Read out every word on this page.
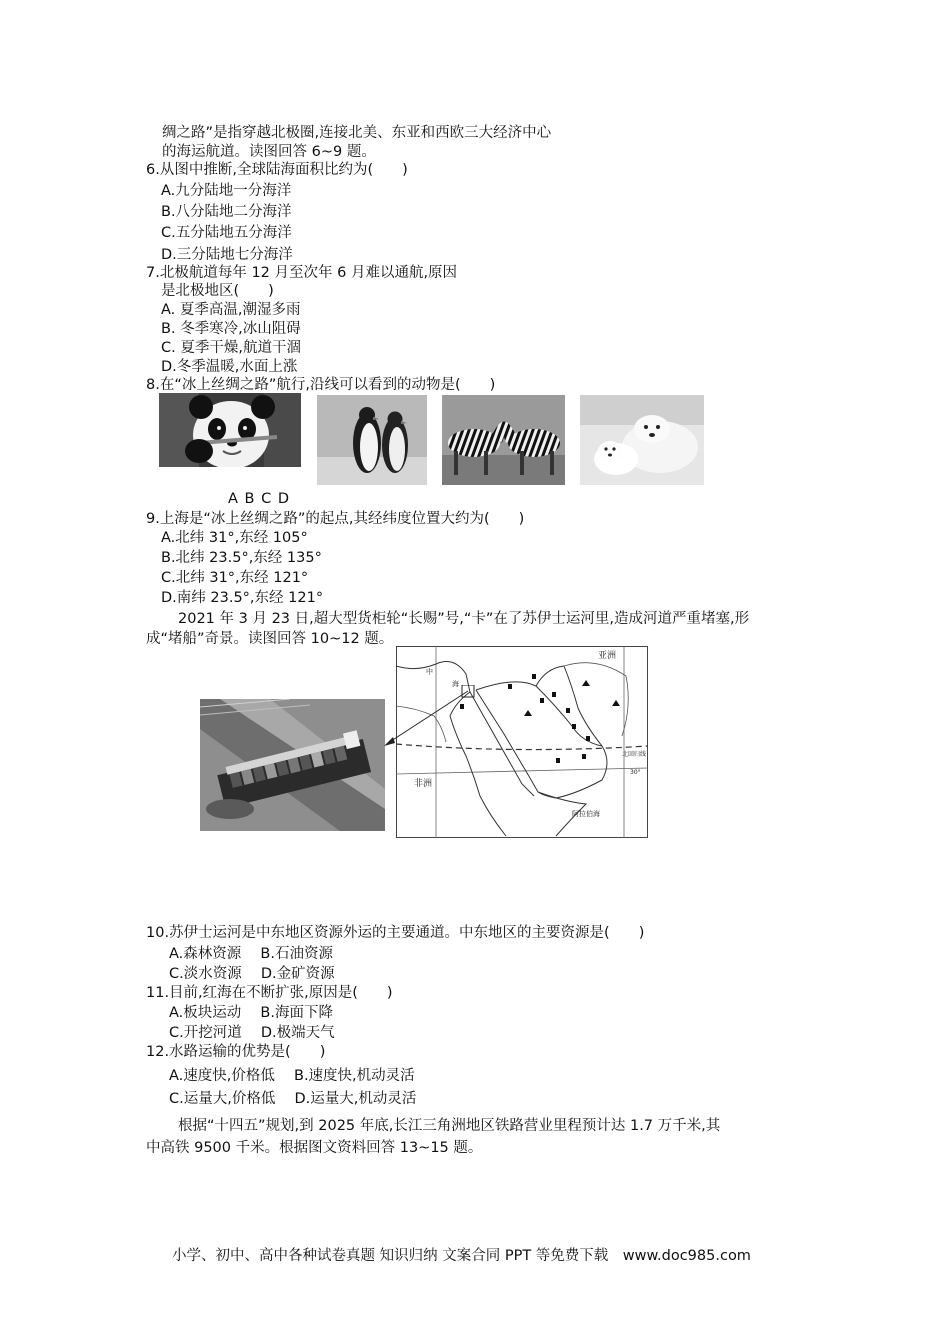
绸之路”是指穿越北极圈,连接北美、东亚和西欧三大经济中心
的海运航道。读图回答 6~9 题。
6.从图中推断,全球陆海面积比约为(　　)
A.九分陆地一分海洋
B.八分陆地二分海洋
C.五分陆地五分海洋
D.三分陆地七分海洋
7.北极航道每年 12 月至次年 6 月难以通航,原因
是北极地区(　　)
A. 夏季高温,潮湿多雨
B. 冬季寒冷,冰山阻碍
C. 夏季干燥,航道干涸
D.冬季温暖,水面上涨
8.在“冰上丝绸之路”航行,沿线可以看到的动物是(　　)
A B C D
9.上海是“冰上丝绸之路”的起点,其经纬度位置大约为(　　)
A.北纬 31°,东经 105°
B.北纬 23.5°,东经 135°
C.北纬 31°,东经 121°
D.南纬 23.5°,东经 121°
2021 年 3 月 23 日,超大型货柜轮“长赐”号,“卡”在了苏伊士运河里,造成河道严重堵塞,形
成“堵船”奇景。读图回答 10~12 题。
亚洲
非洲
北回归线
30°
阿拉伯海
中
海
10.苏伊士运河是中东地区资源外运的主要通道。中东地区的主要资源是(　　)
A.森林资源　 B.石油资源
C.淡水资源　 D.金矿资源
11.目前,红海在不断扩张,原因是(　　)
A.板块运动　 B.海面下降
C.开挖河道　 D.极端天气
12.水路运输的优势是(　　)
A.速度快,价格低　 B.速度快,机动灵活
C.运量大,价格低　 D.运量大,机动灵活
根据“十四五”规划,到 2025 年底,长江三角洲地区铁路营业里程预计达 1.7 万千米,其
中高铁 9500 千米。根据图文资料回答 13~15 题。
小学、初中、高中各种试卷真题 知识归纳 文案合同 PPT 等免费下载　www.doc985.com
